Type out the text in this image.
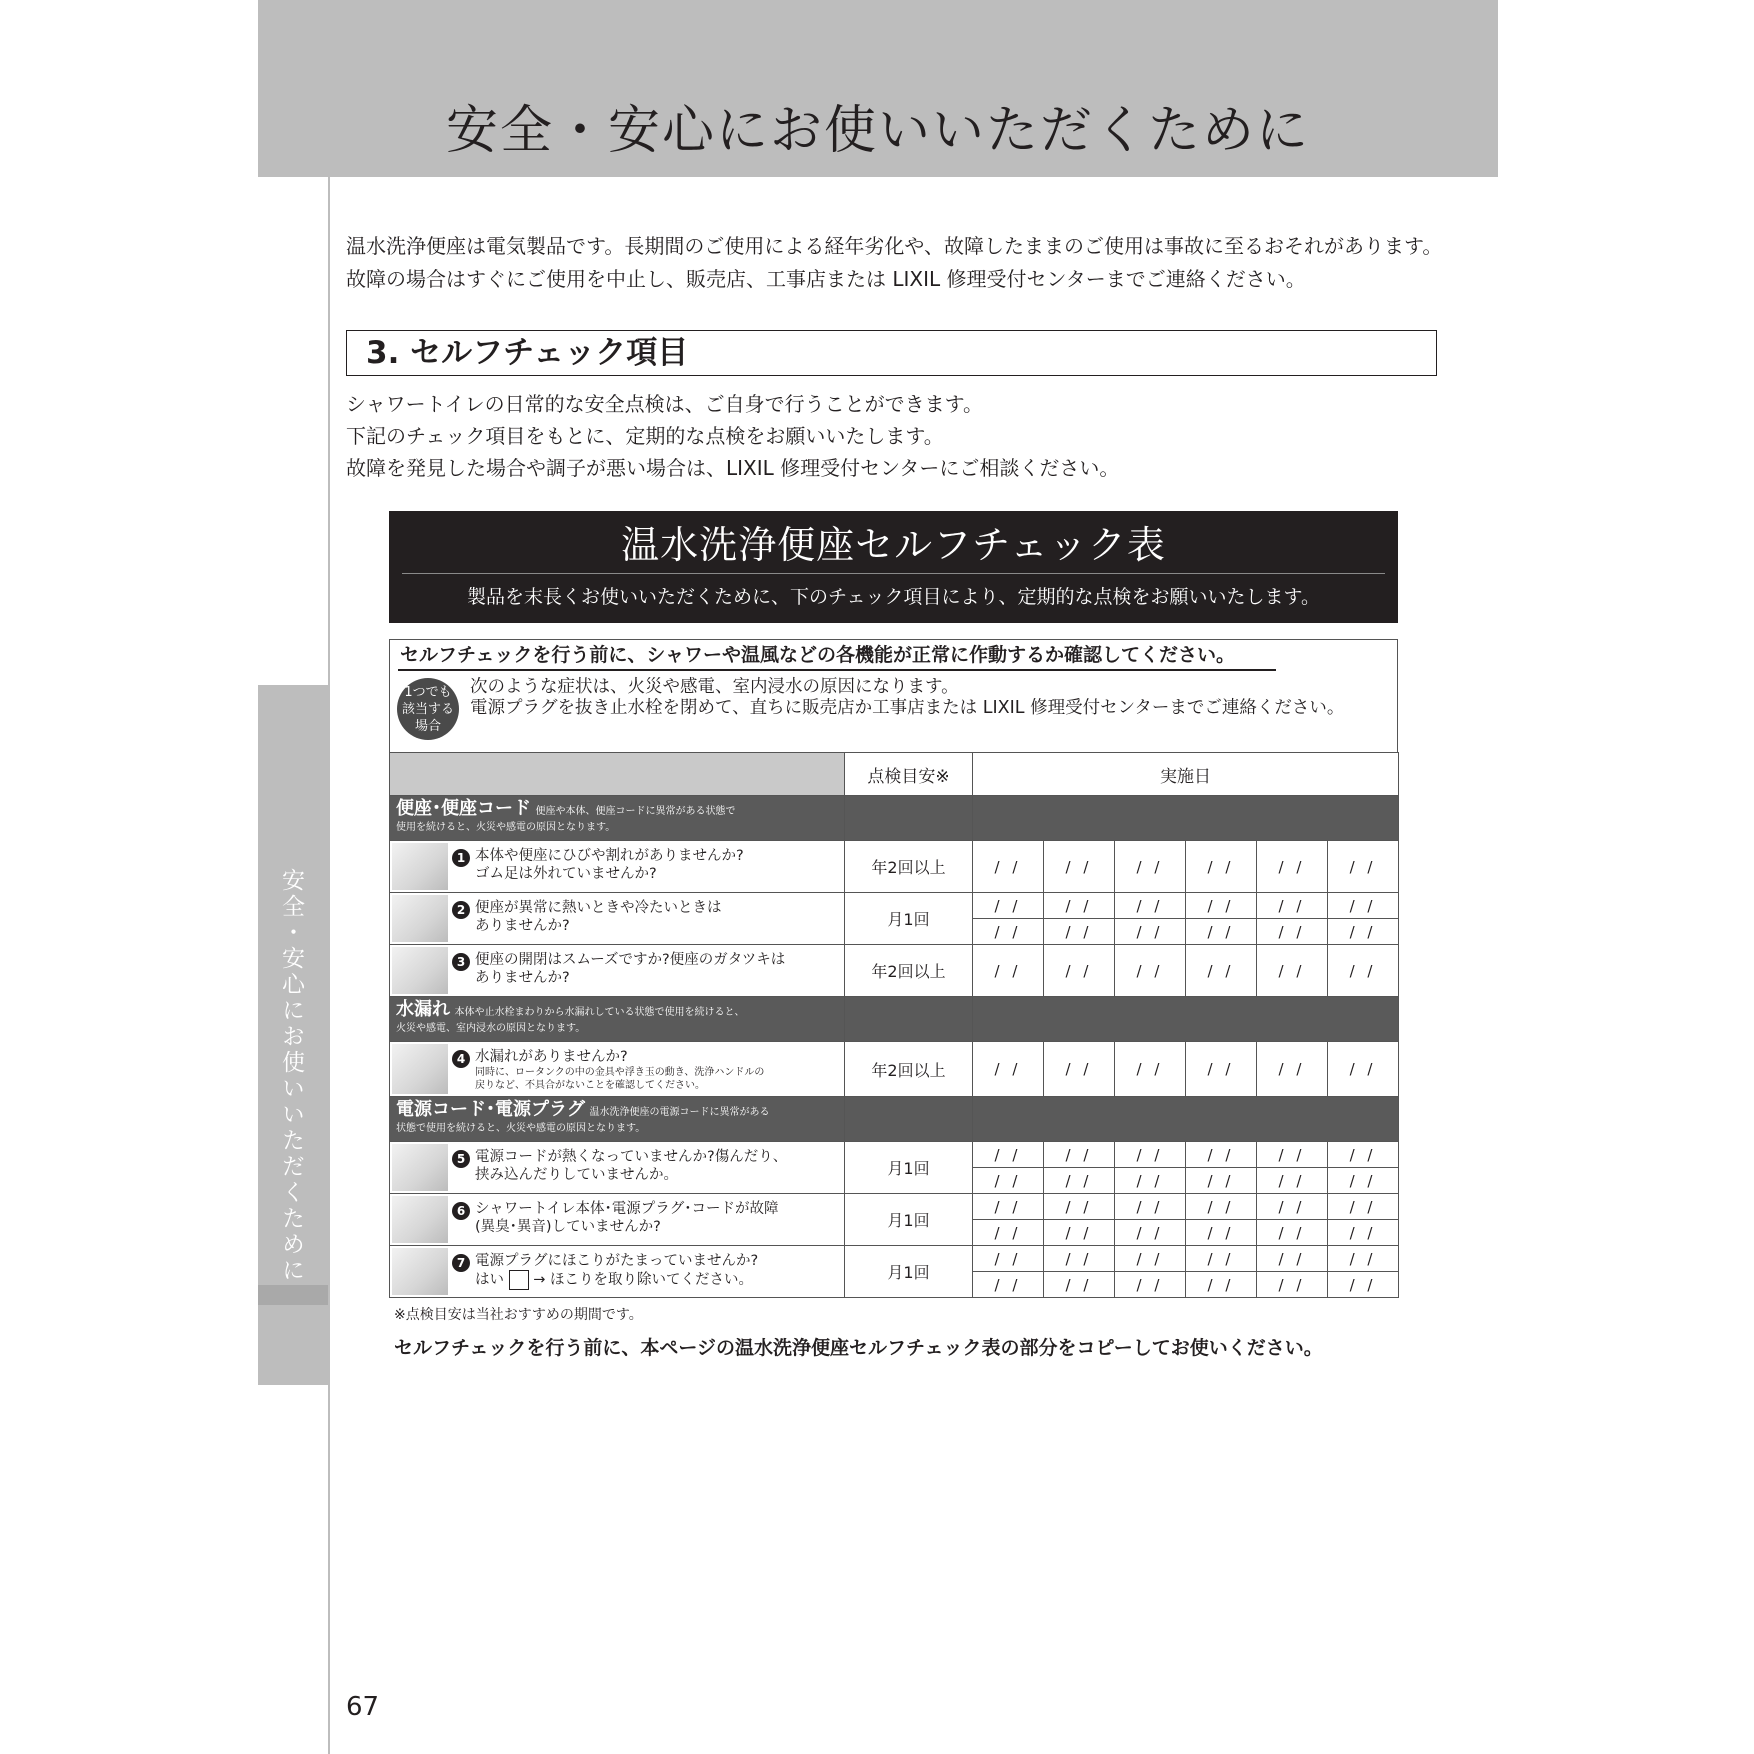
安全・安心にお使いいただくために
安全・安心にお使いいただくために
温水洗浄便座は電気製品です。長期間のご使用による経年劣化や、故障したままのご使用は事故に至るおそれがあります。
故障の場合はすぐにご使用を中止し、販売店、工事店または LIXIL 修理受付センターまでご連絡ください。
3. セルフチェック項目
シャワートイレの日常的な安全点検は、ご自身で行うことができます。
下記のチェック項目をもとに、定期的な点検をお願いいたします。
故障を発見した場合や調子が悪い場合は、LIXIL 修理受付センターにご相談ください。
温水洗浄便座セルフチェック表
製品を末長くお使いいただくために、下のチェック項目により、定期的な点検をお願いいたします。
セルフチェックを行う前に、シャワーや温風などの各機能が正常に作動するか確認してください。
1つでも
該当する
場合
次のような症状は、火災や感電、室内浸水の原因になります。
電源プラグを抜き止水栓を閉めて、直ちに販売店か工事店または LIXIL 修理受付センターまでご連絡ください。
	点検目安※	実施日					
便座･便座コード 便座や本体、便座コードに異常がある状態で
使用を続けると、火災や感電の原因となります。							

1 本体や便座にひびや割れがありませんか?
ゴム足は外れていませんか?	年2回以上	/ /	/ /	/ /	/ /	/ /	/ /

2 便座が異常に熱いときや冷たいときは
ありませんか?	月1回	/ /	/ /	/ /	/ /	/ /	/ /
		/ /	/ /	/ /	/ /	/ /	/ /

3 便座の開閉はスムーズですか?便座のガタツキは
ありませんか?	年2回以上	/ /	/ /	/ /	/ /	/ /	/ /
水漏れ 本体や止水栓まわりから水漏れしている状態で使用を続けると、
火災や感電、室内浸水の原因となります。							

4 水漏れがありませんか?
同時に、ロータンクの中の金具や浮き玉の動き、洗浄ハンドルの
戻りなど、不具合がないことを確認してください。	年2回以上	/ /	/ /	/ /	/ /	/ /	/ /
電源コード･電源プラグ 温水洗浄便座の電源コードに異常がある
状態で使用を続けると、火災や感電の原因となります。							

5 電源コードが熱くなっていませんか?傷んだり、
挟み込んだりしていませんか。	月1回	/ /	/ /	/ /	/ /	/ /	/ /
		/ /	/ /	/ /	/ /	/ /	/ /

6 シャワートイレ本体･電源プラグ･コードが故障
(異臭･異音)していませんか?	月1回	/ /	/ /	/ /	/ /	/ /	/ /
		/ /	/ /	/ /	/ /	/ /	/ /

7 電源プラグにほこりがたまっていませんか?
はい → ほこりを取り除いてください。	月1回	/ /	/ /	/ /	/ /	/ /	/ /
		/ /	/ /	/ /	/ /	/ /	/ /
※点検目安は当社おすすめの期間です。
セルフチェックを行う前に、本ページの温水洗浄便座セルフチェック表の部分をコピーしてお使いください。
67
